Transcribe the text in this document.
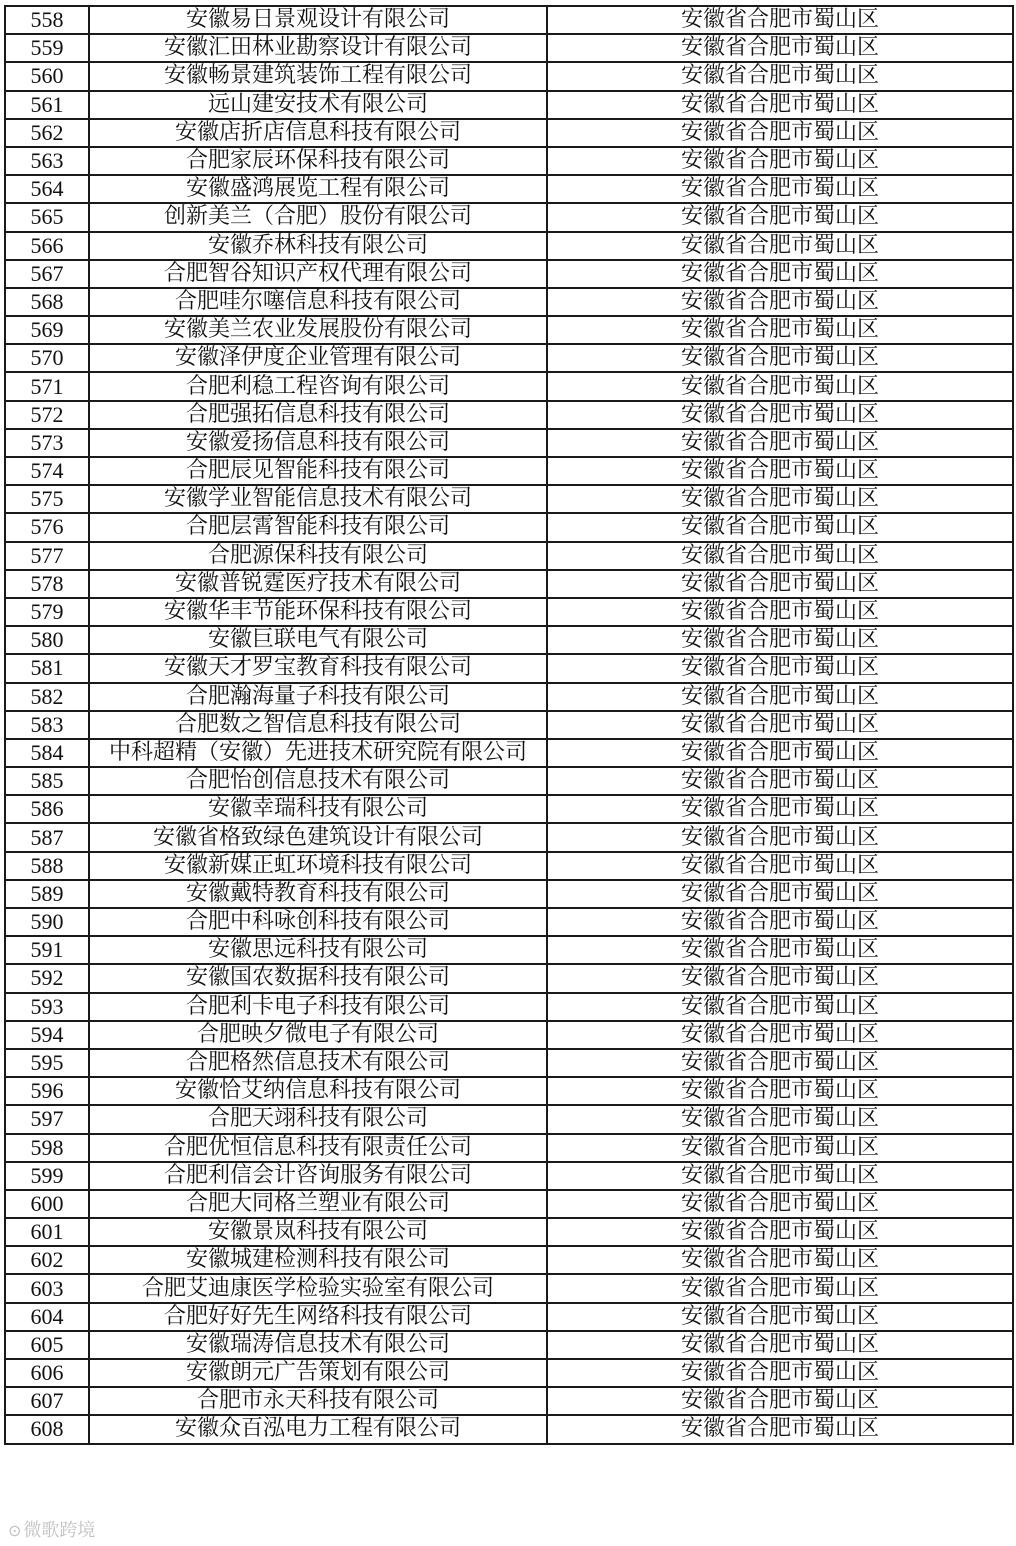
558	安徽易日景观设计有限公司	安徽省合肥市蜀山区
559	安徽汇田林业勘察设计有限公司	安徽省合肥市蜀山区
560	安徽畅景建筑装饰工程有限公司	安徽省合肥市蜀山区
561	远山建安技术有限公司	安徽省合肥市蜀山区
562	安徽店折店信息科技有限公司	安徽省合肥市蜀山区
563	合肥家辰环保科技有限公司	安徽省合肥市蜀山区
564	安徽盛鸿展览工程有限公司	安徽省合肥市蜀山区
565	创新美兰（合肥）股份有限公司	安徽省合肥市蜀山区
566	安徽乔林科技有限公司	安徽省合肥市蜀山区
567	合肥智谷知识产权代理有限公司	安徽省合肥市蜀山区
568	合肥哇尔噻信息科技有限公司	安徽省合肥市蜀山区
569	安徽美兰农业发展股份有限公司	安徽省合肥市蜀山区
570	安徽泽伊度企业管理有限公司	安徽省合肥市蜀山区
571	合肥利稳工程咨询有限公司	安徽省合肥市蜀山区
572	合肥强拓信息科技有限公司	安徽省合肥市蜀山区
573	安徽爱扬信息科技有限公司	安徽省合肥市蜀山区
574	合肥辰见智能科技有限公司	安徽省合肥市蜀山区
575	安徽学业智能信息技术有限公司	安徽省合肥市蜀山区
576	合肥层霄智能科技有限公司	安徽省合肥市蜀山区
577	合肥源保科技有限公司	安徽省合肥市蜀山区
578	安徽普锐霆医疗技术有限公司	安徽省合肥市蜀山区
579	安徽华丰节能环保科技有限公司	安徽省合肥市蜀山区
580	安徽巨联电气有限公司	安徽省合肥市蜀山区
581	安徽天才罗宝教育科技有限公司	安徽省合肥市蜀山区
582	合肥瀚海量子科技有限公司	安徽省合肥市蜀山区
583	合肥数之智信息科技有限公司	安徽省合肥市蜀山区
584	中科超精（安徽）先进技术研究院有限公司	安徽省合肥市蜀山区
585	合肥怡创信息技术有限公司	安徽省合肥市蜀山区
586	安徽幸瑞科技有限公司	安徽省合肥市蜀山区
587	安徽省格致绿色建筑设计有限公司	安徽省合肥市蜀山区
588	安徽新媒正虹环境科技有限公司	安徽省合肥市蜀山区
589	安徽戴特教育科技有限公司	安徽省合肥市蜀山区
590	合肥中科咏创科技有限公司	安徽省合肥市蜀山区
591	安徽思远科技有限公司	安徽省合肥市蜀山区
592	安徽国农数据科技有限公司	安徽省合肥市蜀山区
593	合肥利卡电子科技有限公司	安徽省合肥市蜀山区
594	合肥映夕微电子有限公司	安徽省合肥市蜀山区
595	合肥格然信息技术有限公司	安徽省合肥市蜀山区
596	安徽恰艾纳信息科技有限公司	安徽省合肥市蜀山区
597	合肥天翊科技有限公司	安徽省合肥市蜀山区
598	合肥优恒信息科技有限责任公司	安徽省合肥市蜀山区
599	合肥利信会计咨询服务有限公司	安徽省合肥市蜀山区
600	合肥大同格兰塑业有限公司	安徽省合肥市蜀山区
601	安徽景岚科技有限公司	安徽省合肥市蜀山区
602	安徽城建检测科技有限公司	安徽省合肥市蜀山区
603	合肥艾迪康医学检验实验室有限公司	安徽省合肥市蜀山区
604	合肥好好先生网络科技有限公司	安徽省合肥市蜀山区
605	安徽瑞涛信息技术有限公司	安徽省合肥市蜀山区
606	安徽朗元广告策划有限公司	安徽省合肥市蜀山区
607	合肥市永天科技有限公司	安徽省合肥市蜀山区
608	安徽众百泓电力工程有限公司	安徽省合肥市蜀山区
⊙ 微歌跨境
